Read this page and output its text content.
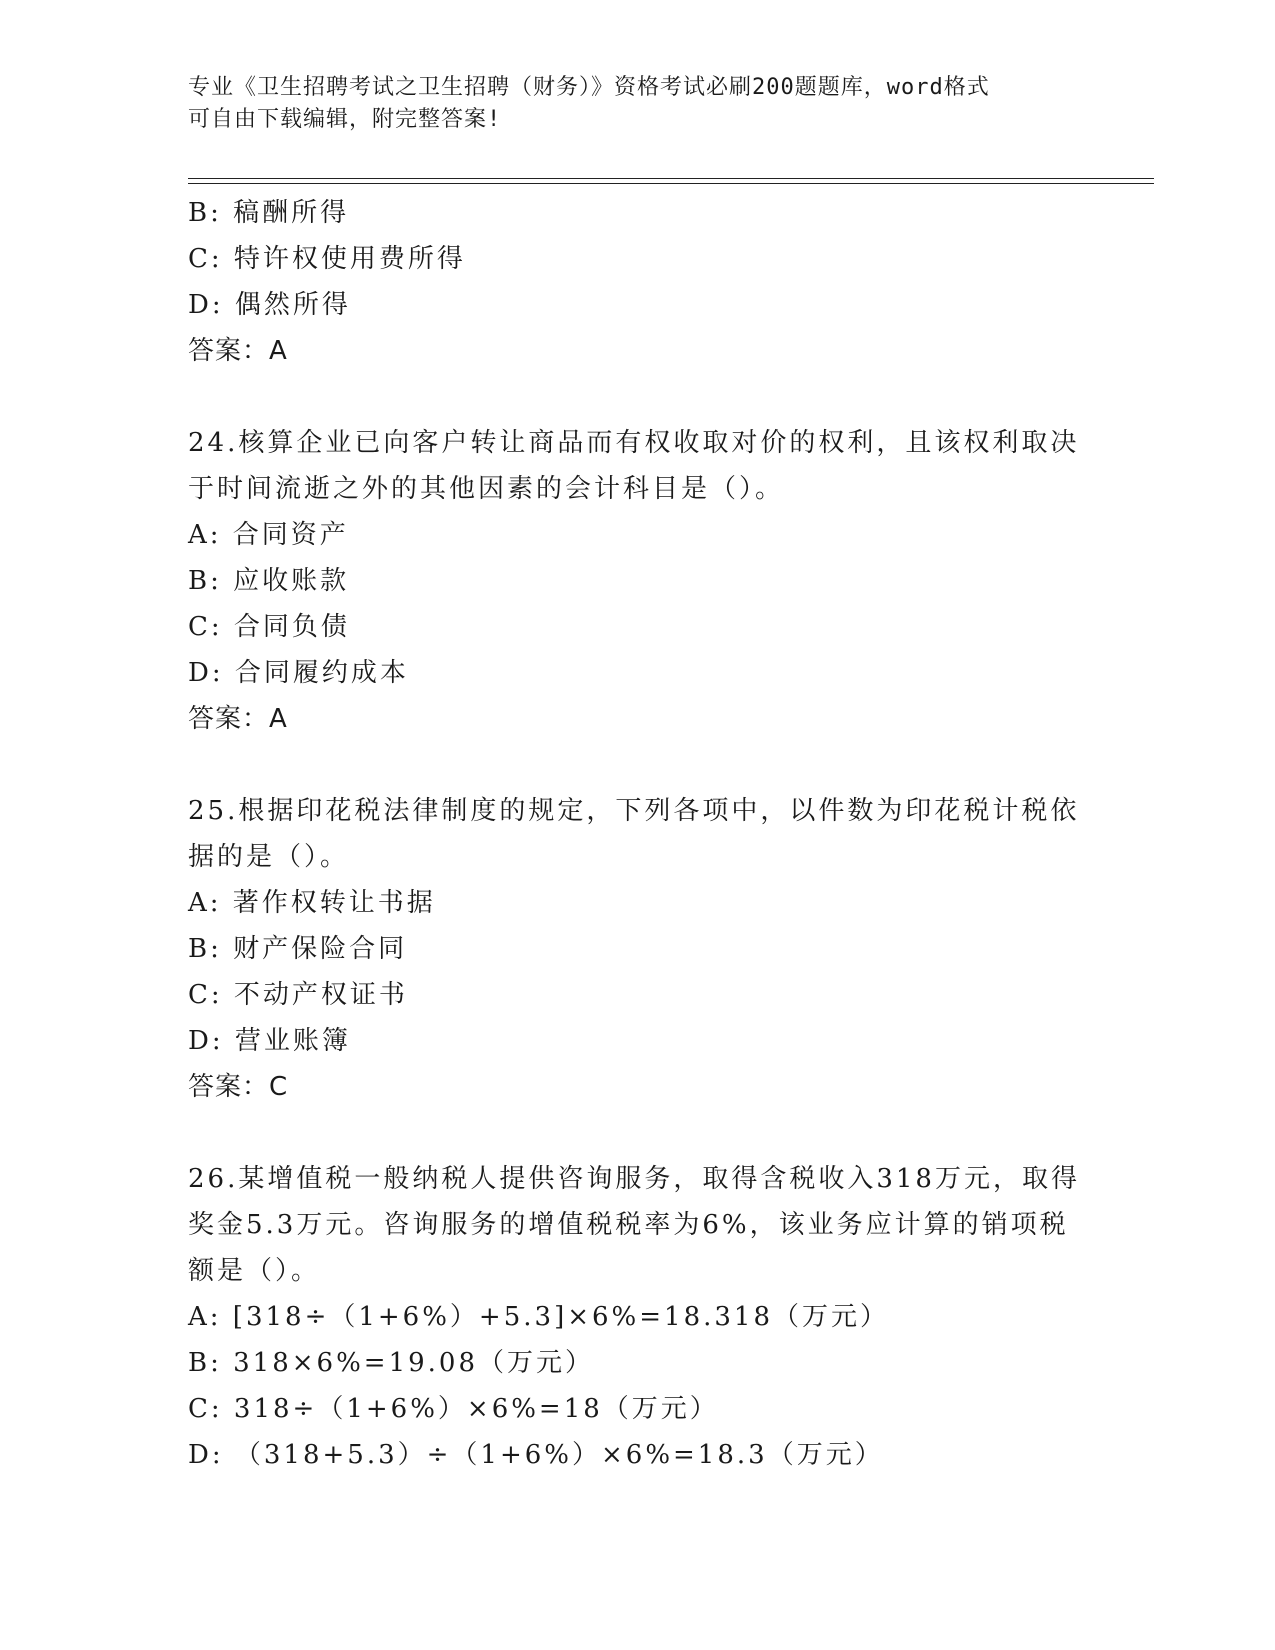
专业《卫生招聘考试之卫生招聘（财务）》资格考试必刷200题题库，word格式
可自由下载编辑，附完整答案!
B: 稿酬所得
C: 特许权使用费所得
D: 偶然所得
答案：A
24.核算企业已向客户转让商品而有权收取对价的权利，且该权利取决
于时间流逝之外的其他因素的会计科目是（）。
A: 合同资产
B: 应收账款
C: 合同负债
D: 合同履约成本
答案：A
25.根据印花税法律制度的规定，下列各项中，以件数为印花税计税依
据的是（）。
A: 著作权转让书据
B: 财产保险合同
C: 不动产权证书
D: 营业账簿
答案：C
26.某增值税一般纳税人提供咨询服务，取得含税收入318万元，取得
奖金5.3万元。咨询服务的增值税税率为6%，该业务应计算的销项税
额是（）。
A: [318÷（1+6%）+5.3]×6%=18.318（万元）
B: 318×6%=19.08（万元）
C: 318÷（1+6%）×6%=18（万元）
D: （318+5.3）÷（1+6%）×6%=18.3（万元）
